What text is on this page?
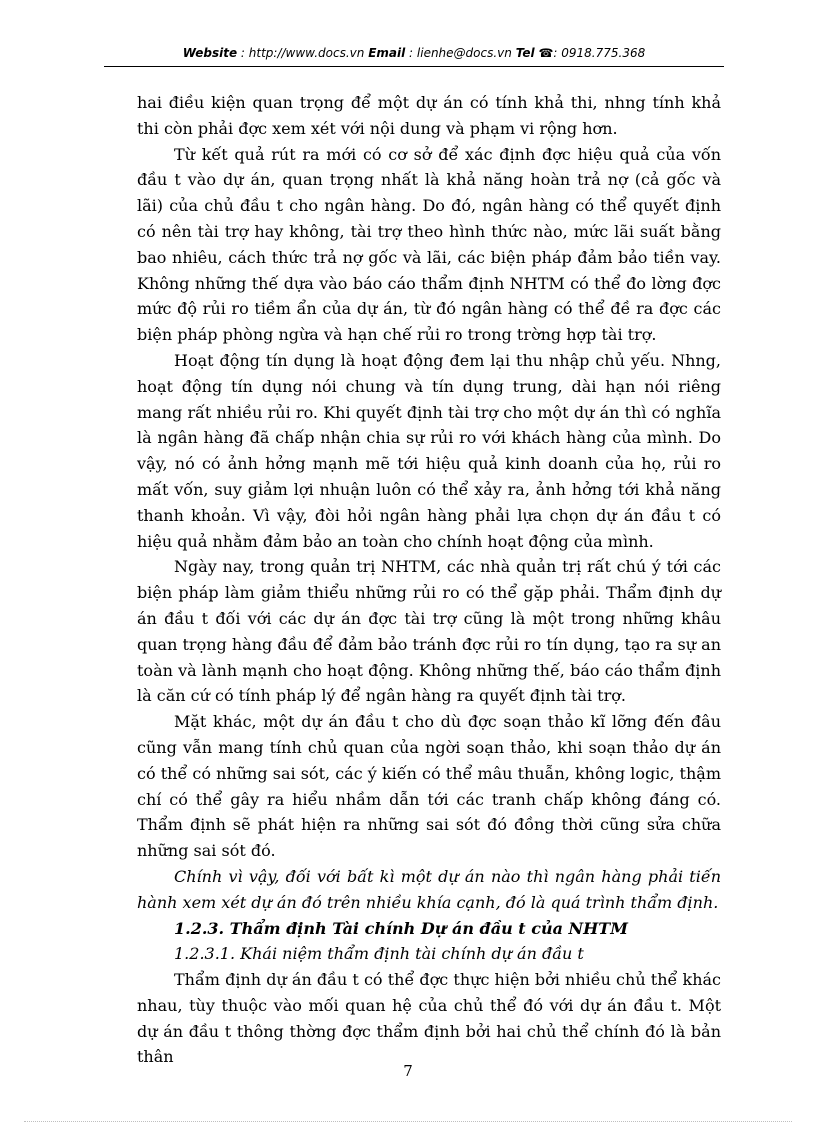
Website : http://www.docs.vn Email : lienhe@docs.vn Tel ☎: 0918.775.368

hai điều kiện quan trọng để một dự án có tính khả thi, nhng tính khả thi còn phải đợc xem xét với nội dung và phạm vi rộng hơn.

Từ kết quả rút ra mới có cơ sở để xác định đợc hiệu quả của vốn đầu t vào dự án, quan trọng nhất là khả năng hoàn trả nợ (cả gốc và lãi) của chủ đầu t cho ngân hàng. Do đó, ngân hàng có thể quyết định có nên tài trợ hay không, tài trợ theo hình thức nào, mức lãi suất bằng bao nhiêu, cách thức trả nợ gốc và lãi, các biện pháp đảm bảo tiền vay. Không những thế dựa vào báo cáo thẩm định NHTM có thể đo lờng đợc mức độ rủi ro tiềm ẩn của dự án, từ đó ngân hàng có thể đề ra đợc các biện pháp phòng ngừa và hạn chế rủi ro trong trờng hợp tài trợ.

Hoạt động tín dụng là hoạt động đem lại thu nhập chủ yếu. Nhng, hoạt động tín dụng nói chung và tín dụng trung, dài hạn nói riêng mang rất nhiều rủi ro. Khi quyết định tài trợ cho một dự án thì có nghĩa là ngân hàng đã chấp nhận chia sự rủi ro với khách hàng của mình. Do vậy, nó có ảnh hởng mạnh mẽ tới hiệu quả kinh doanh của họ, rủi ro mất vốn, suy giảm lợi nhuận luôn có thể xảy ra, ảnh hởng tới khả năng thanh khoản. Vì vậy, đòi hỏi ngân hàng phải lựa chọn dự án đầu t có hiệu quả nhằm đảm bảo an toàn cho chính hoạt động của mình.

Ngày nay, trong quản trị NHTM, các nhà quản trị rất chú ý tới các biện pháp làm giảm thiểu những rủi ro có thể gặp phải. Thẩm định dự án đầu t đối với các dự án đợc tài trợ cũng là một trong những khâu quan trọng hàng đầu để đảm bảo tránh đợc rủi ro tín dụng, tạo ra sự an toàn và lành mạnh cho hoạt động. Không những thế, báo cáo thẩm định là căn cứ có tính pháp lý để ngân hàng ra quyết định tài trợ.

Mặt khác, một dự án đầu t cho dù đợc soạn thảo kĩ lỡng đến đâu cũng vẫn mang tính chủ quan của ngời soạn thảo, khi soạn thảo dự án có thể có những sai sót, các ý kiến có thể mâu thuẫn, không logic, thậm chí có thể gây ra hiểu nhầm dẫn tới các tranh chấp không đáng có. Thẩm định sẽ phát hiện ra những sai sót đó đồng thời cũng sửa chữa những sai sót đó.

Chính vì vậy, đối với bất kì một dự án nào thì ngân hàng phải tiến hành xem xét dự án đó trên nhiều khía cạnh, đó là quá trình thẩm định.

1.2.3. Thẩm định Tài chính Dự án đầu t của NHTM

1.2.3.1. Khái niệm thẩm định tài chính dự án đầu t

Thẩm định dự án đầu t có thể đợc thực hiện bởi nhiều chủ thể khác nhau, tùy thuộc vào mối quan hệ của chủ thể đó với dự án đầu t. Một dự án đầu t thông thờng đợc thẩm định bởi hai chủ thể chính đó là bản thân

7
